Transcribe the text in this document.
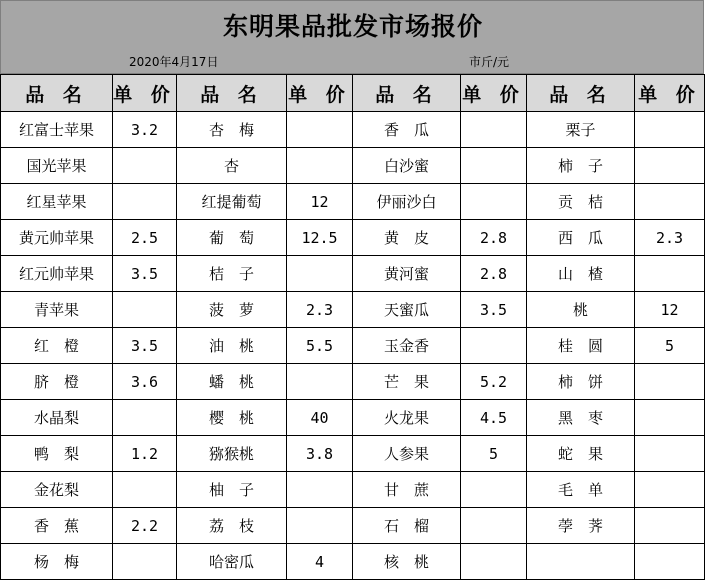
东明果品批发市场报价
2020年4月17日	市斤/元
品 名	单 价	品 名	单 价	品 名	单 价	品 名	单 价
红富士苹果	3.2	杏　梅		香　瓜		栗子	
国光苹果		杏		白沙蜜		柿　子	
红星苹果		红提葡萄	12	伊丽沙白		贡　桔	
黄元帅苹果	2.5	葡　萄	12.5	黄　皮	2.8	西　瓜	2.3
红元帅苹果	3.5	桔　子		黄河蜜	2.8	山　楂	
青苹果		菠　萝	2.3	天蜜瓜	3.5	桃	12
红　橙	3.5	油　桃	5.5	玉金香		桂　圆	5
脐　橙	3.6	蟠　桃		芒　果	5.2	柿　饼	
水晶梨		樱　桃	40	火龙果	4.5	黑　枣	
鸭　梨	1.2	猕猴桃	3.8	人参果	5	蛇　果	
金花梨		柚　子		甘　蔗		毛　单	
香　蕉	2.2	荔　枝		石　榴		荸　荠	
杨　梅		哈密瓜	4	核　桃			
